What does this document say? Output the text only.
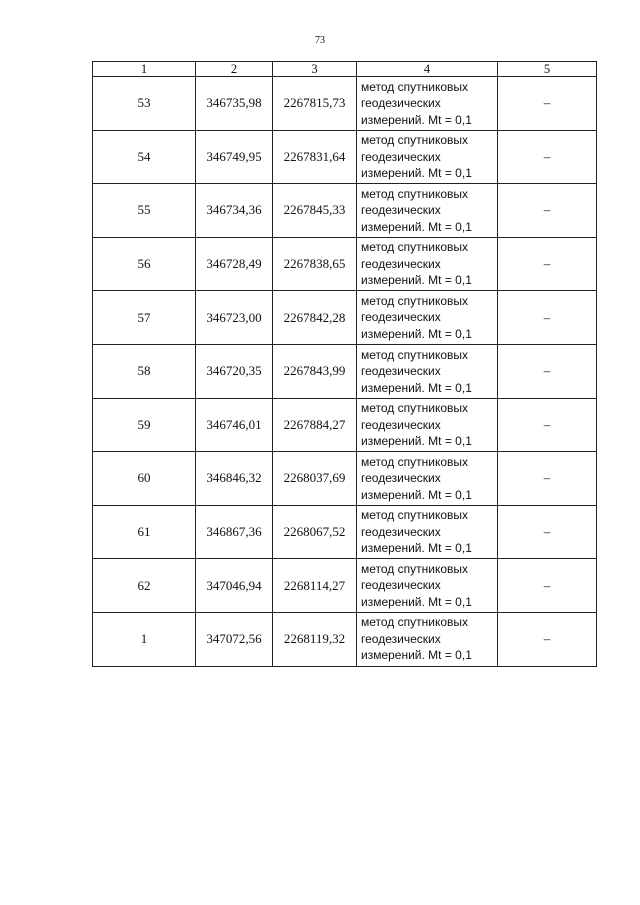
73
1	2	3	4	5
53	346735,98	2267815,73	метод спутниковых
геодезических
измерений. Mt = 0,1	–
54	346749,95	2267831,64	метод спутниковых
геодезических
измерений. Mt = 0,1	–
55	346734,36	2267845,33	метод спутниковых
геодезических
измерений. Mt = 0,1	–
56	346728,49	2267838,65	метод спутниковых
геодезических
измерений. Mt = 0,1	–
57	346723,00	2267842,28	метод спутниковых
геодезических
измерений. Mt = 0,1	–
58	346720,35	2267843,99	метод спутниковых
геодезических
измерений. Mt = 0,1	–
59	346746,01	2267884,27	метод спутниковых
геодезических
измерений. Mt = 0,1	–
60	346846,32	2268037,69	метод спутниковых
геодезических
измерений. Mt = 0,1	–
61	346867,36	2268067,52	метод спутниковых
геодезических
измерений. Mt = 0,1	–
62	347046,94	2268114,27	метод спутниковых
геодезических
измерений. Mt = 0,1	–
1	347072,56	2268119,32	метод спутниковых
геодезических
измерений. Mt = 0,1	–
